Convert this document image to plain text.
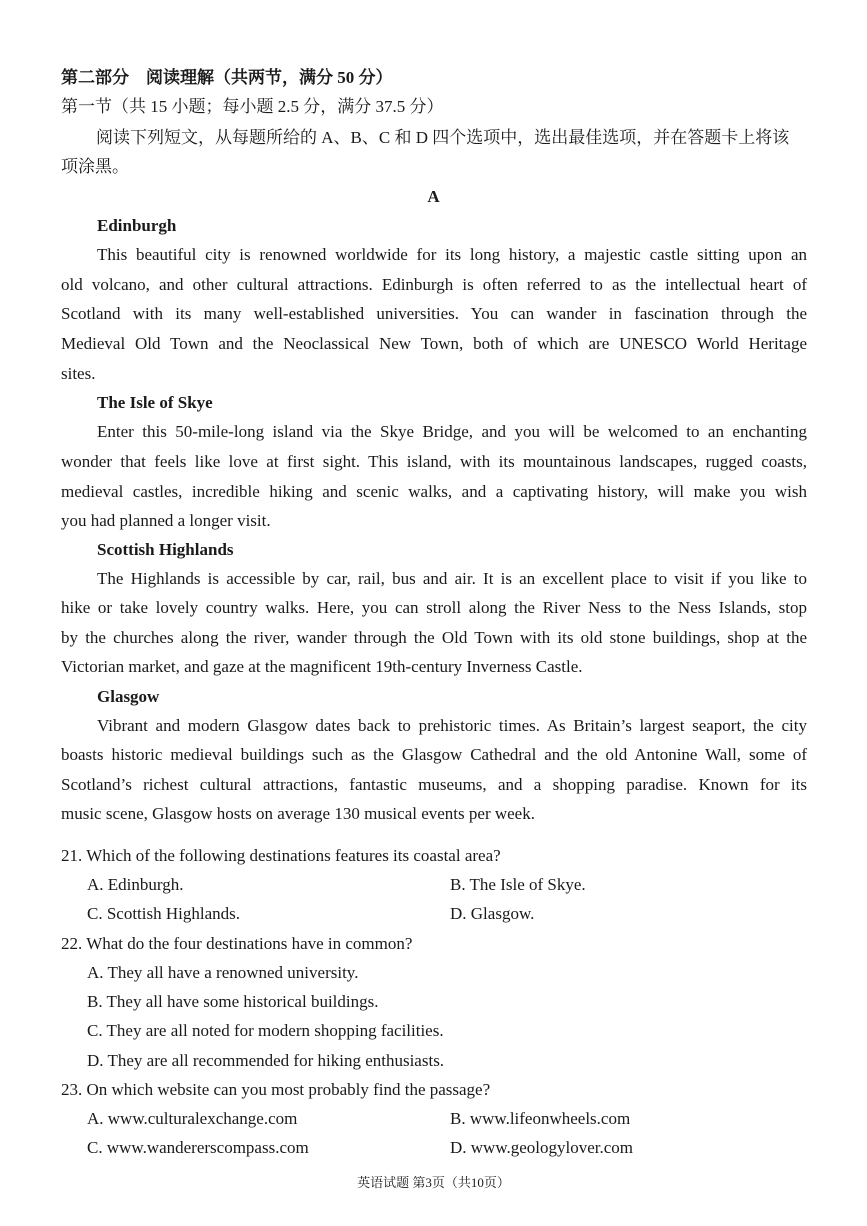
第二部分　阅读理解（共两节，满分 50 分）
第一节（共 15 小题；每小题 2.5 分，满分 37.5 分）
阅读下列短文，从每题所给的 A、B、C 和 D 四个选项中，选出最佳选项，并在答题卡上将该
项涂黑。
A
Edinburgh
This beautiful city is renowned worldwide for its long history, a majestic castle sitting upon an
old volcano, and other cultural attractions. Edinburgh is often referred to as the intellectual heart of
Scotland with its many well-established universities. You can wander in fascination through the
Medieval Old Town and the Neoclassical New Town, both of which are UNESCO World Heritage
sites.
The Isle of Skye
Enter this 50-mile-long island via the Skye Bridge, and you will be welcomed to an enchanting
wonder that feels like love at first sight. This island, with its mountainous landscapes, rugged coasts,
medieval castles, incredible hiking and scenic walks, and a captivating history, will make you wish
you had planned a longer visit.
Scottish Highlands
The Highlands is accessible by car, rail, bus and air. It is an excellent place to visit if you like to
hike or take lovely country walks. Here, you can stroll along the River Ness to the Ness Islands, stop
by the churches along the river, wander through the Old Town with its old stone buildings, shop at the
Victorian market, and gaze at the magnificent 19th-century Inverness Castle.
Glasgow
Vibrant and modern Glasgow dates back to prehistoric times. As Britain’s largest seaport, the city
boasts historic medieval buildings such as the Glasgow Cathedral and the old Antonine Wall, some of
Scotland’s richest cultural attractions, fantastic museums, and a shopping paradise. Known for its
music scene, Glasgow hosts on average 130 musical events per week.
21. Which of the following destinations features its coastal area?
A. Edinburgh.	B. The Isle of Skye.
C. Scottish Highlands.	D. Glasgow.
22. What do the four destinations have in common?
A. They all have a renowned university.
B. They all have some historical buildings.
C. They are all noted for modern shopping facilities.
D. They are all recommended for hiking enthusiasts.
23. On which website can you most probably find the passage?
A. www.culturalexchange.com	B. www.lifeonwheels.com
C. www.wandererscompass.com	D. www.geologylover.com
英语试题 第3页（共10页）
